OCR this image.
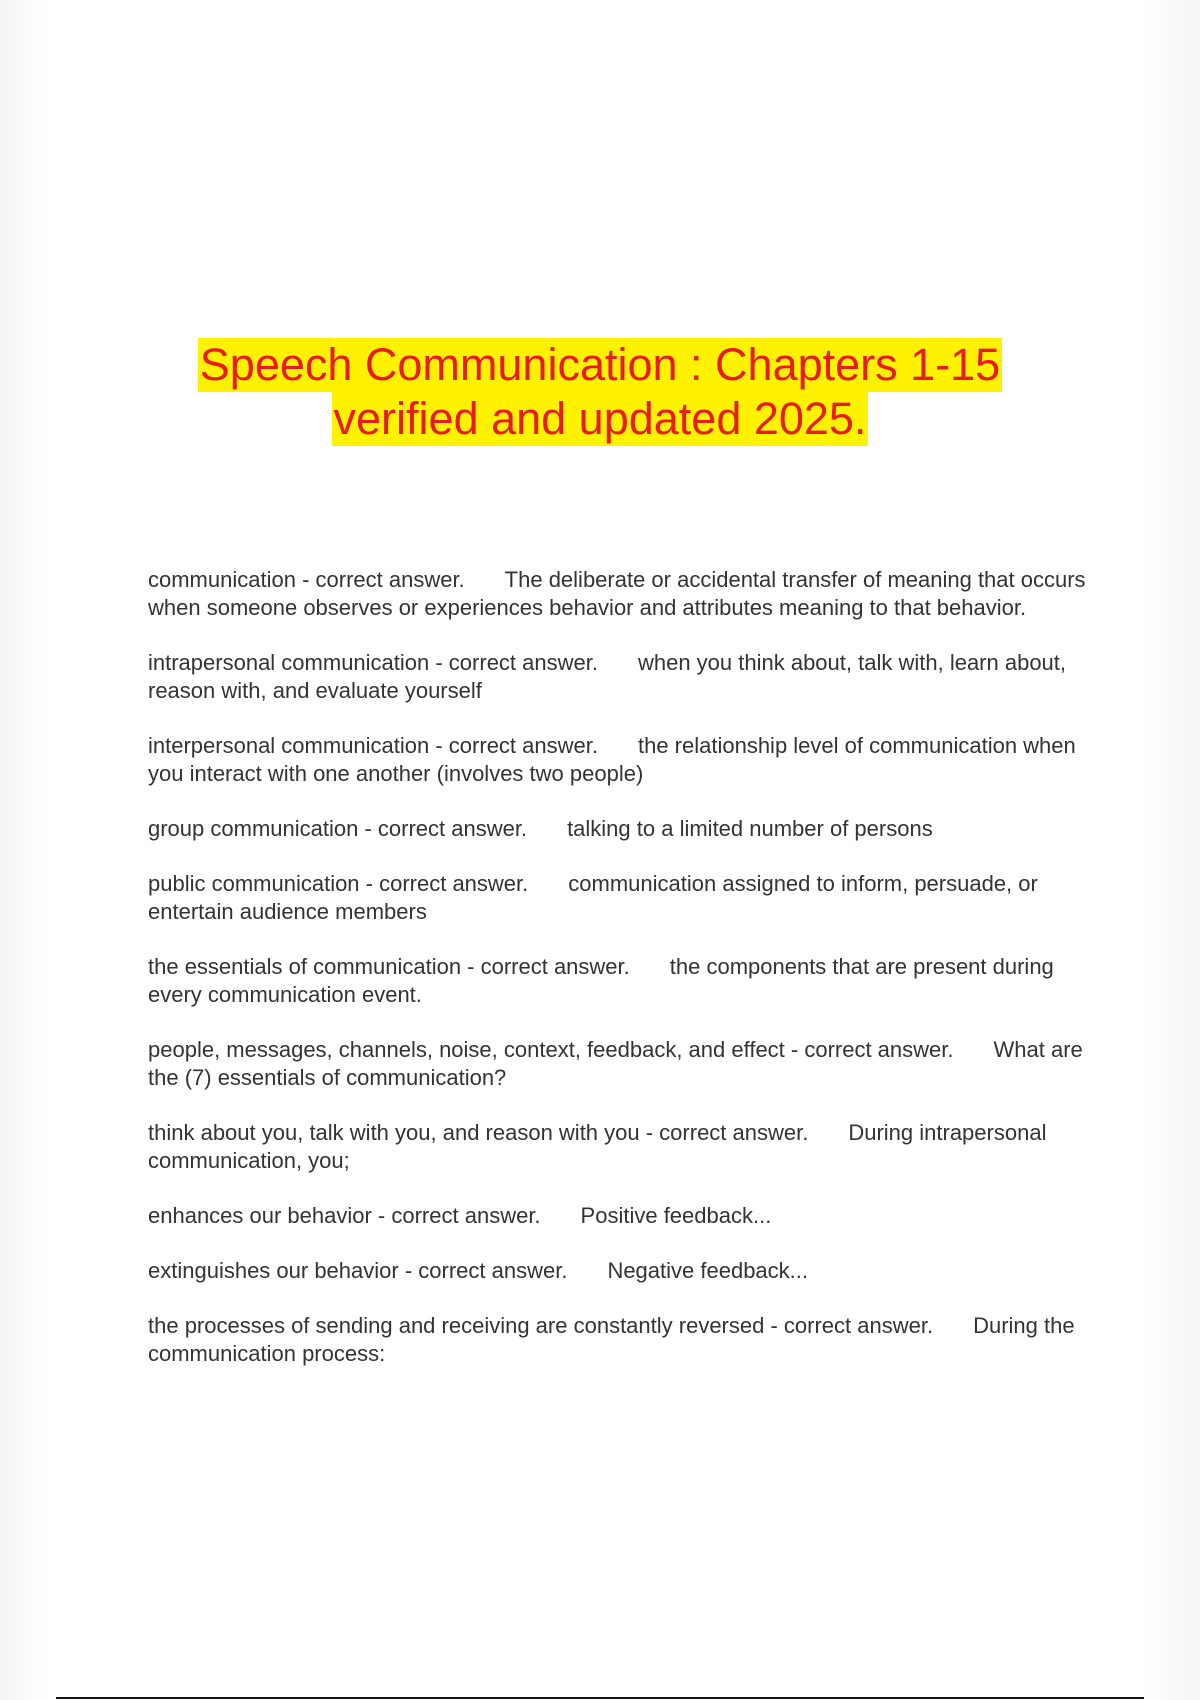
Speech Communication : Chapters 1-15
verified and updated 2025.

communication - correct answer. The deliberate or accidental transfer of meaning that occurs when someone observes or experiences behavior and attributes meaning to that behavior.

intrapersonal communication - correct answer. when you think about, talk with, learn about, reason with, and evaluate yourself

interpersonal communication - correct answer. the relationship level of communication when you interact with one another (involves two people)

group communication - correct answer. talking to a limited number of persons

public communication - correct answer. communication assigned to inform, persuade, or entertain audience members

the essentials of communication - correct answer. the components that are present during every communication event.

people, messages, channels, noise, context, feedback, and effect - correct answer. What are the (7) essentials of communication?

think about you, talk with you, and reason with you - correct answer. During intrapersonal communication, you;

enhances our behavior - correct answer. Positive feedback...

extinguishes our behavior - correct answer. Negative feedback...

the processes of sending and receiving are constantly reversed - correct answer. During the communication process:
